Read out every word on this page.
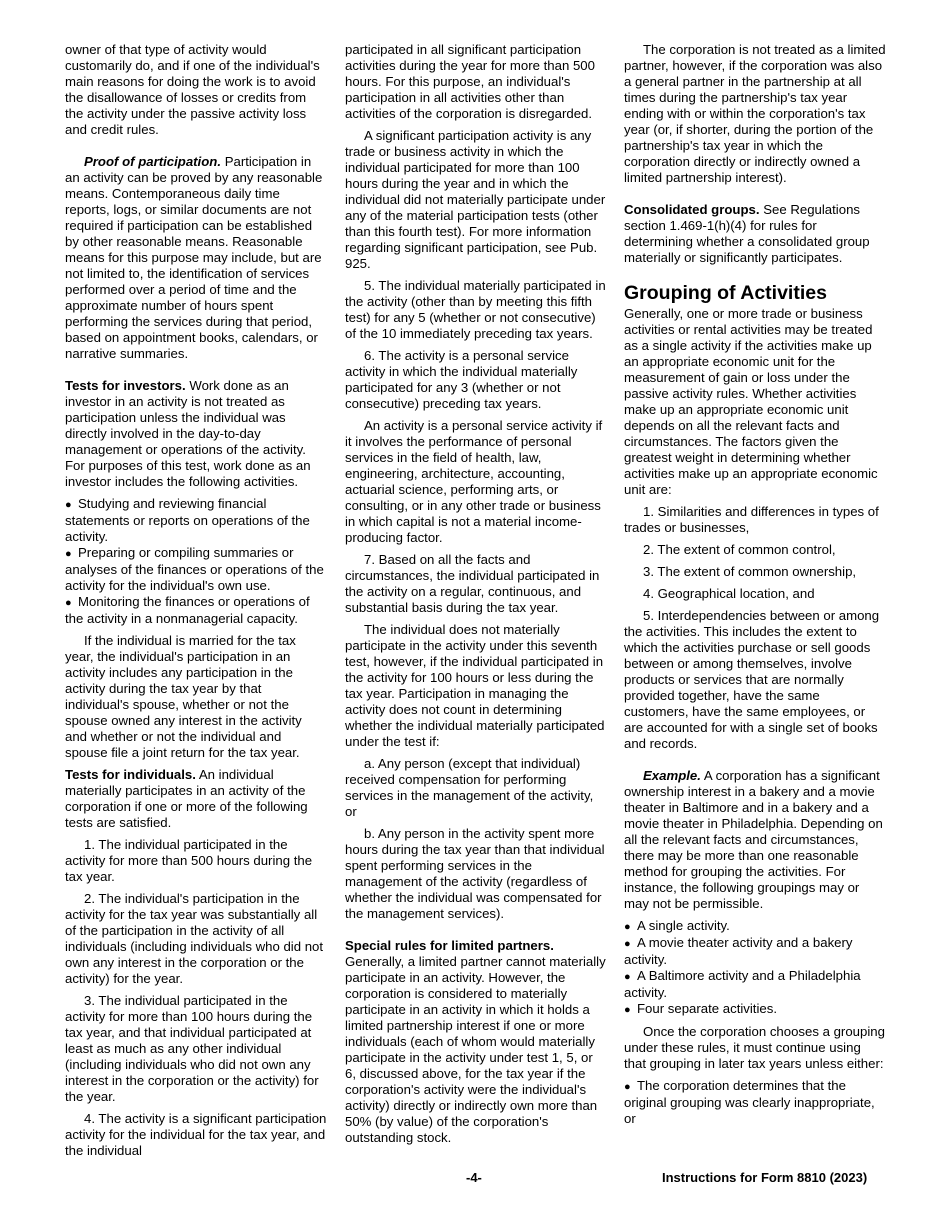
owner of that type of activity would customarily do, and if one of the individual's main reasons for doing the work is to avoid the disallowance of losses or credits from the activity under the passive activity loss and credit rules.
Proof of participation. Participation in an activity can be proved by any reasonable means. Contemporaneous daily time reports, logs, or similar documents are not required if participation can be established by other reasonable means. Reasonable means for this purpose may include, but are not limited to, the identification of services performed over a period of time and the approximate number of hours spent performing the services during that period, based on appointment books, calendars, or narrative summaries.
Tests for investors. Work done as an investor in an activity is not treated as participation unless the individual was directly involved in the day-to-day management or operations of the activity. For purposes of this test, work done as an investor includes the following activities.
● Studying and reviewing financial statements or reports on operations of the activity.
● Preparing or compiling summaries or analyses of the finances or operations of the activity for the individual's own use.
● Monitoring the finances or operations of the activity in a nonmanagerial capacity.
If the individual is married for the tax year, the individual's participation in an activity includes any participation in the activity during the tax year by that individual's spouse, whether or not the spouse owned any interest in the activity and whether or not the individual and spouse file a joint return for the tax year.
Tests for individuals. An individual materially participates in an activity of the corporation if one or more of the following tests are satisfied.
1. The individual participated in the activity for more than 500 hours during the tax year.
2. The individual's participation in the activity for the tax year was substantially all of the participation in the activity of all individuals (including individuals who did not own any interest in the corporation or the activity) for the year.
3. The individual participated in the activity for more than 100 hours during the tax year, and that individual participated at least as much as any other individual (including individuals who did not own any interest in the corporation or the activity) for the year.
4. The activity is a significant participation activity for the individual for the tax year, and the individual
participated in all significant participation activities during the year for more than 500 hours. For this purpose, an individual's participation in all activities other than activities of the corporation is disregarded.
A significant participation activity is any trade or business activity in which the individual participated for more than 100 hours during the year and in which the individual did not materially participate under any of the material participation tests (other than this fourth test). For more information regarding significant participation, see Pub. 925.
5. The individual materially participated in the activity (other than by meeting this fifth test) for any 5 (whether or not consecutive) of the 10 immediately preceding tax years.
6. The activity is a personal service activity in which the individual materially participated for any 3 (whether or not consecutive) preceding tax years.
An activity is a personal service activity if it involves the performance of personal services in the field of health, law, engineering, architecture, accounting, actuarial science, performing arts, or consulting, or in any other trade or business in which capital is not a material income-producing factor.
7. Based on all the facts and circumstances, the individual participated in the activity on a regular, continuous, and substantial basis during the tax year.
The individual does not materially participate in the activity under this seventh test, however, if the individual participated in the activity for 100 hours or less during the tax year. Participation in managing the activity does not count in determining whether the individual materially participated under the test if:
a. Any person (except that individual) received compensation for performing services in the management of the activity, or
b. Any person in the activity spent more hours during the tax year than that individual spent performing services in the management of the activity (regardless of whether the individual was compensated for the management services).
Special rules for limited partners. Generally, a limited partner cannot materially participate in an activity. However, the corporation is considered to materially participate in an activity in which it holds a limited partnership interest if one or more individuals (each of whom would materially participate in the activity under test 1, 5, or 6, discussed above, for the tax year if the corporation's activity were the individual's activity) directly or indirectly own more than 50% (by value) of the corporation's outstanding stock.
The corporation is not treated as a limited partner, however, if the corporation was also a general partner in the partnership at all times during the partnership's tax year ending with or within the corporation's tax year (or, if shorter, during the portion of the partnership's tax year in which the corporation directly or indirectly owned a limited partnership interest).
Consolidated groups. See Regulations section 1.469-1(h)(4) for rules for determining whether a consolidated group materially or significantly participates.
Grouping of Activities
Generally, one or more trade or business activities or rental activities may be treated as a single activity if the activities make up an appropriate economic unit for the measurement of gain or loss under the passive activity rules. Whether activities make up an appropriate economic unit depends on all the relevant facts and circumstances. The factors given the greatest weight in determining whether activities make up an appropriate economic unit are:
1. Similarities and differences in types of trades or businesses,
2. The extent of common control,
3. The extent of common ownership,
4. Geographical location, and
5. Interdependencies between or among the activities. This includes the extent to which the activities purchase or sell goods between or among themselves, involve products or services that are normally provided together, have the same customers, have the same employees, or are accounted for with a single set of books and records.
Example. A corporation has a significant ownership interest in a bakery and a movie theater in Baltimore and in a bakery and a movie theater in Philadelphia. Depending on all the relevant facts and circumstances, there may be more than one reasonable method for grouping the activities. For instance, the following groupings may or may not be permissible.
● A single activity.
● A movie theater activity and a bakery activity.
● A Baltimore activity and a Philadelphia activity.
● Four separate activities.
Once the corporation chooses a grouping under these rules, it must continue using that grouping in later tax years unless either:
● The corporation determines that the original grouping was clearly inappropriate, or
-4-	Instructions for Form 8810 (2023)
